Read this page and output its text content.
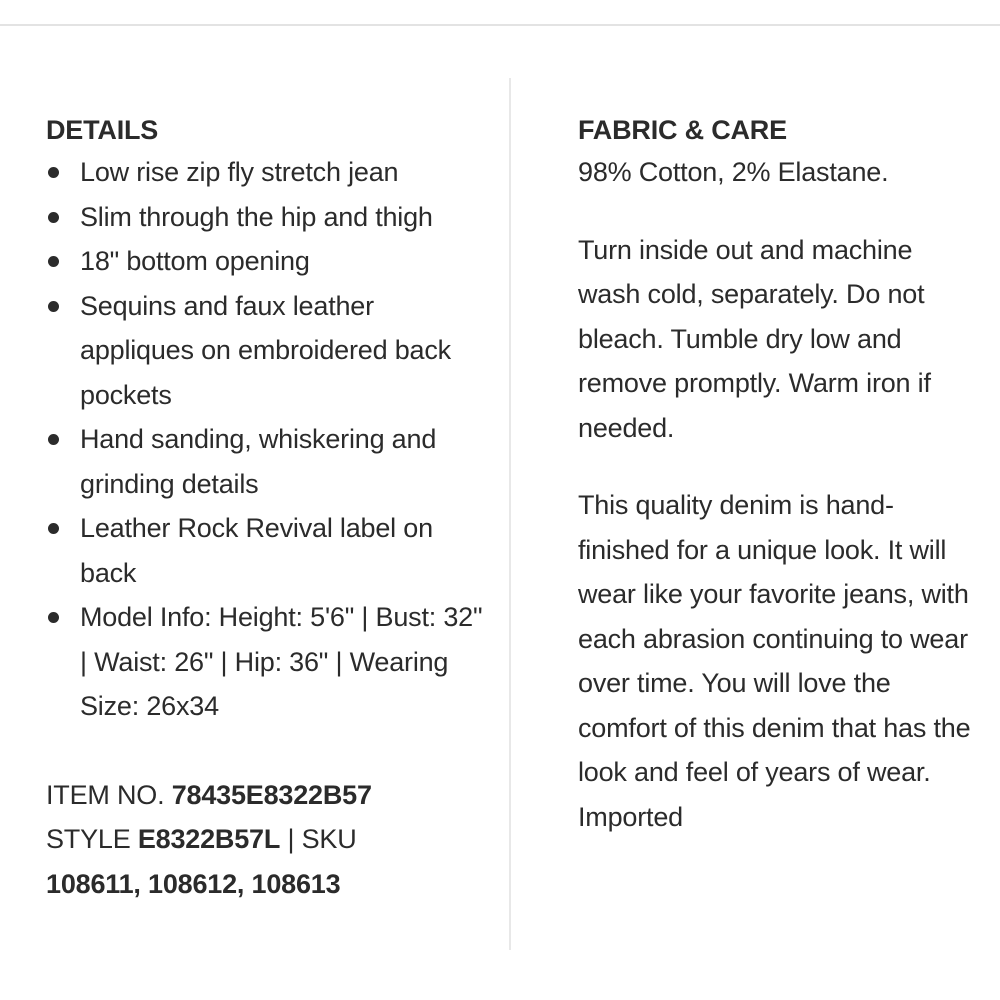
DETAILS
Low rise zip fly stretch jean
Slim through the hip and thigh
18" bottom opening
Sequins and faux leather appliques on embroidered back pockets
Hand sanding, whiskering and grinding details
Leather Rock Revival label on back
Model Info: Height: 5'6" | Bust: 32" | Waist: 26" | Hip: 36" | Wearing Size: 26x34
ITEM NO. 78435E8322B57
STYLE E8322B57L | SKU
108611, 108612, 108613
FABRIC & CARE

98% Cotton, 2% Elastane.

Turn inside out and machine wash cold, separately. Do not bleach. Tumble dry low and remove promptly. Warm iron if needed.

This quality denim is hand-finished for a unique look. It will wear like your favorite jeans, with each abrasion continuing to wear over time. You will love the comfort of this denim that has the look and feel of years of wear. Imported
